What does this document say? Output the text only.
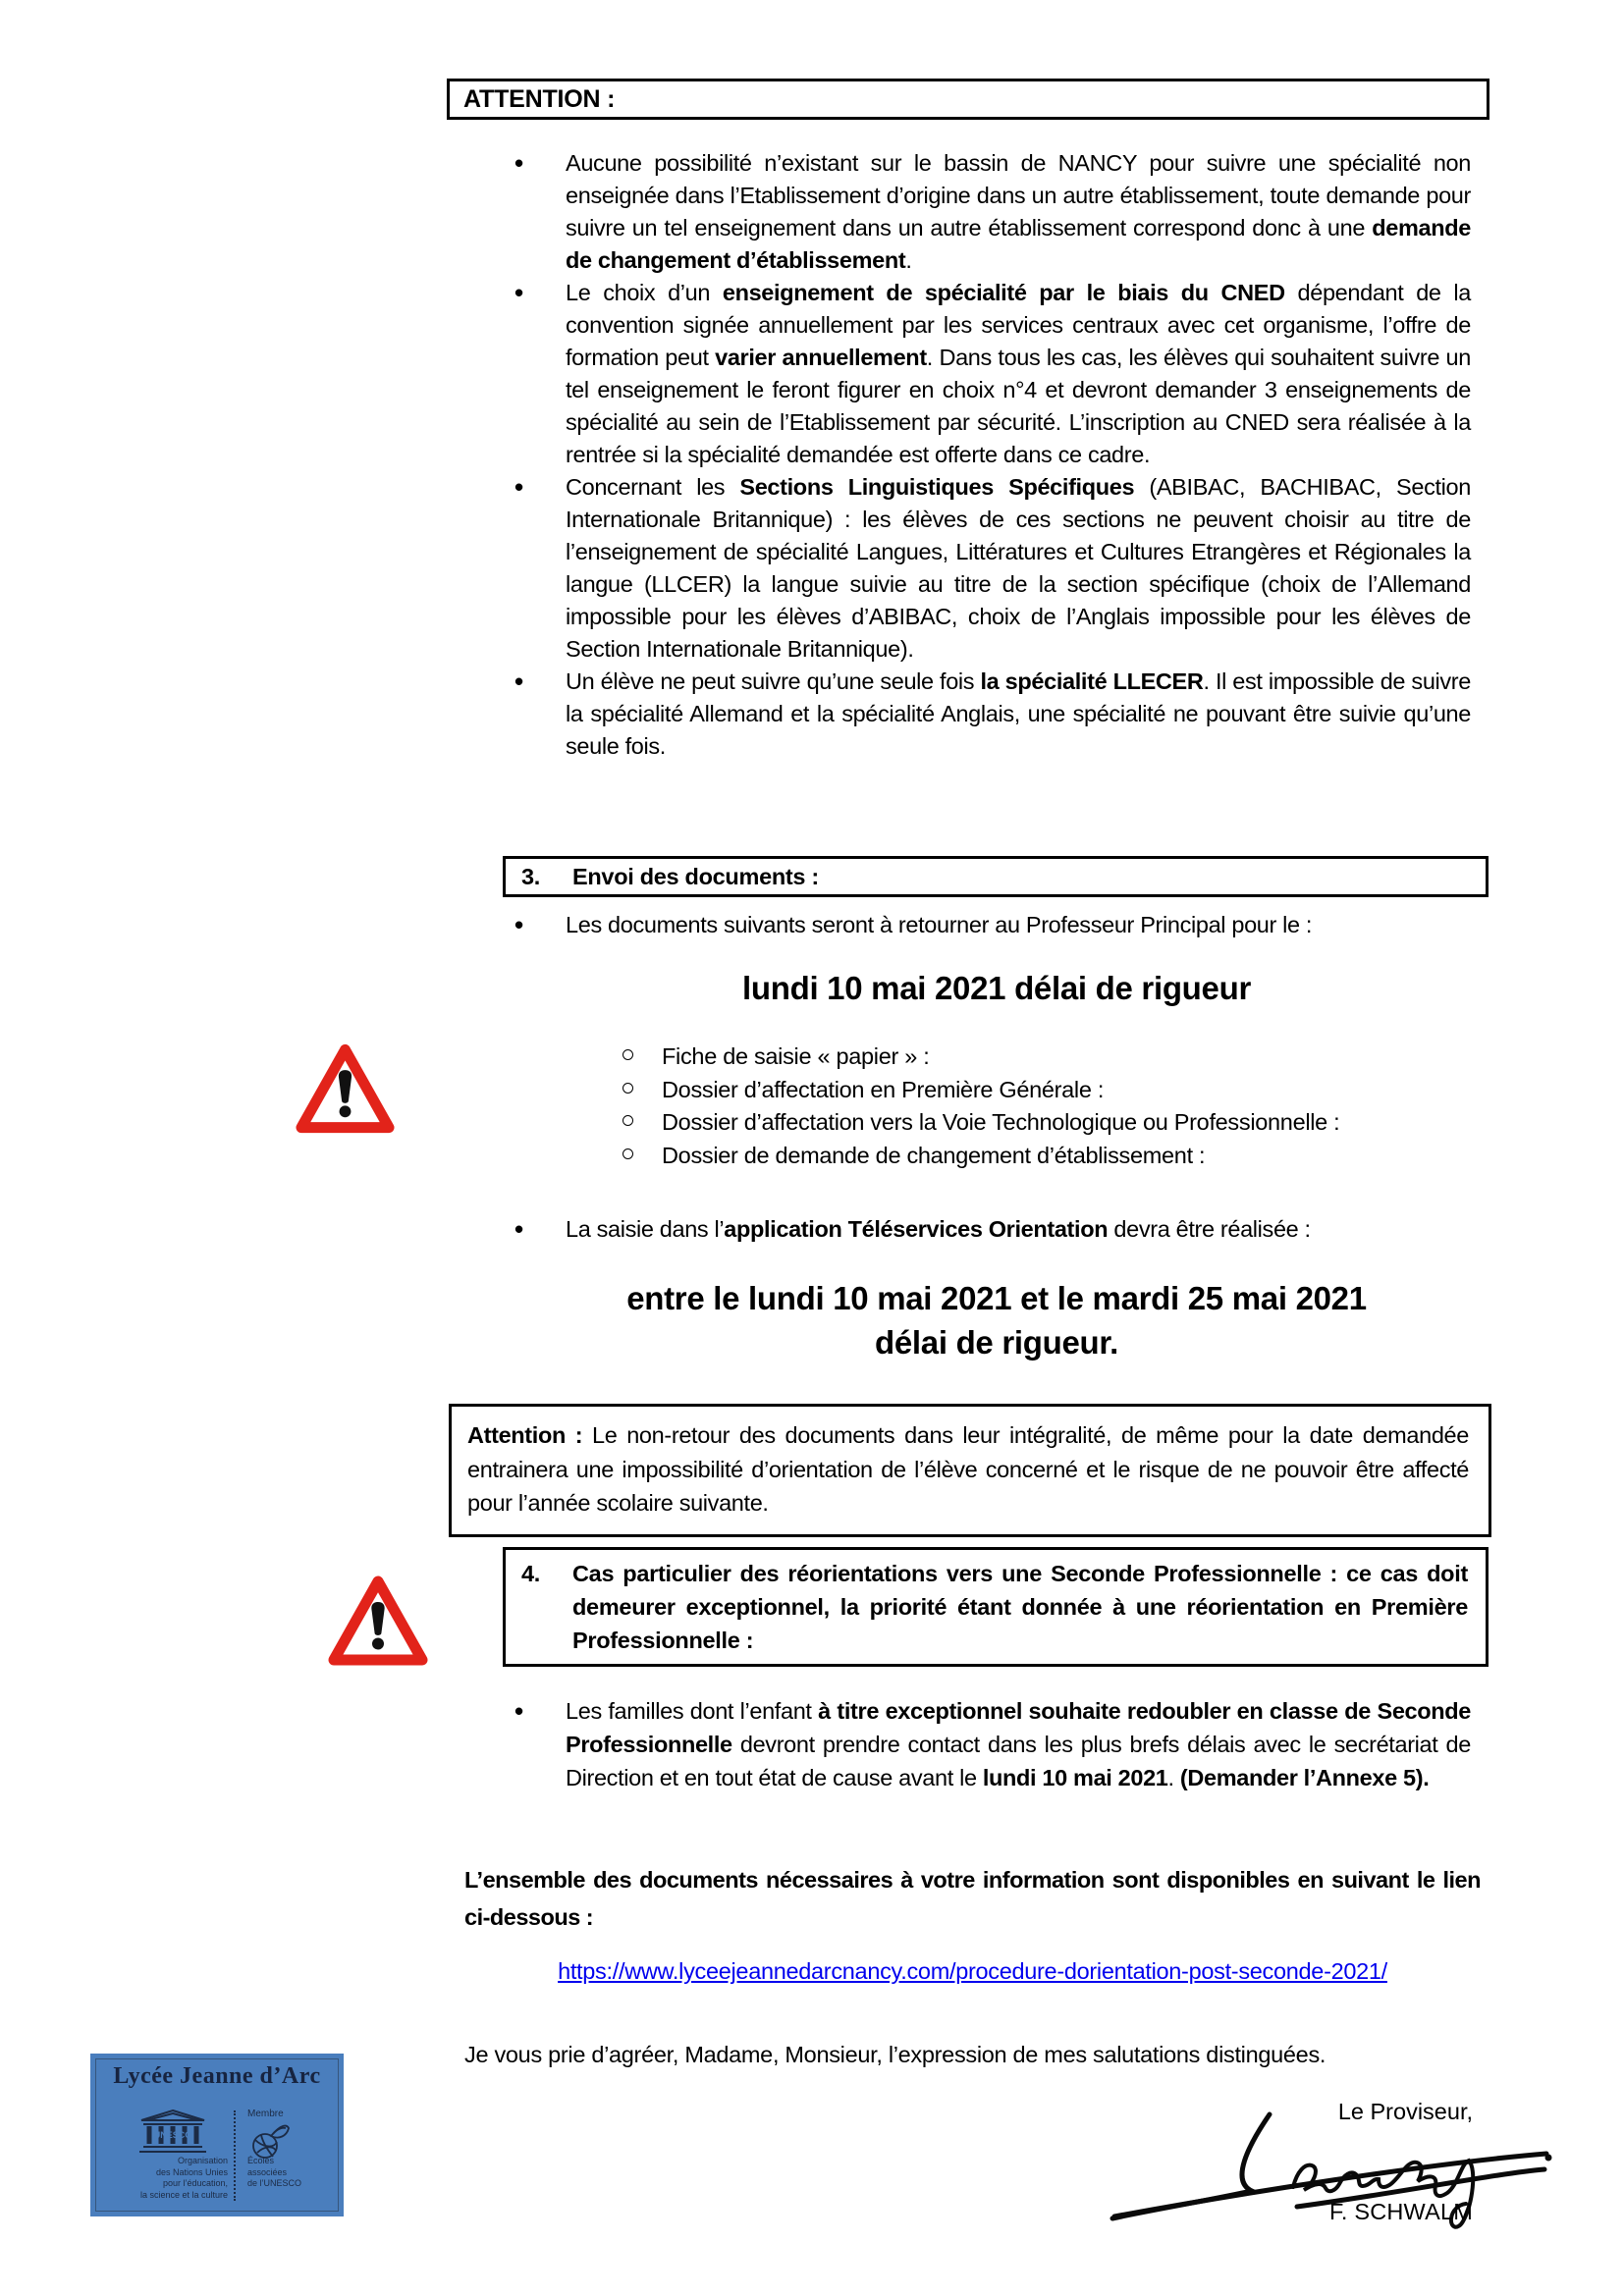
ATTENTION :
• Aucune possibilité n’existant sur le bassin de NANCY pour suivre une spécialité non enseignée dans l’Etablissement d’origine dans un autre établissement, toute demande pour suivre un tel enseignement dans un autre établissement correspond donc à une demande de changement d’établissement.
• Le choix d’un enseignement de spécialité par le biais du CNED dépendant de la convention signée annuellement par les services centraux avec cet organisme, l’offre de formation peut varier annuellement. Dans tous les cas, les élèves qui souhaitent suivre un tel enseignement le feront figurer en choix n°4 et devront demander 3 enseignements de spécialité au sein de l’Etablissement par sécurité. L’inscription au CNED sera réalisée à la rentrée si la spécialité demandée est offerte dans ce cadre.
• Concernant les Sections Linguistiques Spécifiques (ABIBAC, BACHIBAC, Section Internationale Britannique) : les élèves de ces sections ne peuvent choisir au titre de l’enseignement de spécialité Langues, Littératures et Cultures Etrangères et Régionales la langue (LLCER) la langue suivie au titre de la section spécifique (choix de l’Allemand impossible pour les élèves d’ABIBAC, choix de l’Anglais impossible pour les élèves de Section Internationale Britannique).
• Un élève ne peut suivre qu’une seule fois la spécialité LLECER. Il est impossible de suivre la spécialité Allemand et la spécialité Anglais, une spécialité ne pouvant être suivie qu’une seule fois.
3.	Envoi des documents :
• Les documents suivants seront à retourner au Professeur Principal pour le :
lundi 10 mai 2021 délai de rigueur
Fiche de saisie « papier » :
Dossier d’affectation en Première Générale :
Dossier d’affectation vers la Voie Technologique ou Professionnelle :
Dossier de demande de changement d’établissement :
• La saisie dans l’application Téléservices Orientation devra être réalisée :
entre le lundi 10 mai 2021 et le mardi 25 mai 2021
délai de rigueur.
Attention : Le non-retour des documents dans leur intégralité, de même pour la date demandée entrainera une impossibilité d’orientation de l’élève concerné et le risque de ne pouvoir être affecté pour l’année scolaire suivante.
4.	Cas particulier des réorientations vers une Seconde Professionnelle : ce cas doit demeurer exceptionnel, la priorité étant donnée à une réorientation en Première Professionnelle :
• Les familles dont l’enfant à titre exceptionnel souhaite redoubler en classe de Seconde Professionnelle devront prendre contact dans les plus brefs délais avec le secrétariat de Direction et en tout état de cause avant le lundi 10 mai 2021. (Demander l’Annexe 5).
L’ensemble des documents nécessaires à votre information sont disponibles en suivant le lien ci-dessous :
https://www.lyceejeannedarcnancy.com/procedure-dorientation-post-seconde-2021/
Je vous prie d’agréer, Madame, Monsieur, l’expression de mes salutations distinguées.
Le Proviseur,
F. SCHWALM
Lycée Jeanne d’Arc
UNESCO
Membre
Organisation
des Nations Unies
pour l’éducation,
la science et la culture
Écoles
associées
de l’UNESCO
